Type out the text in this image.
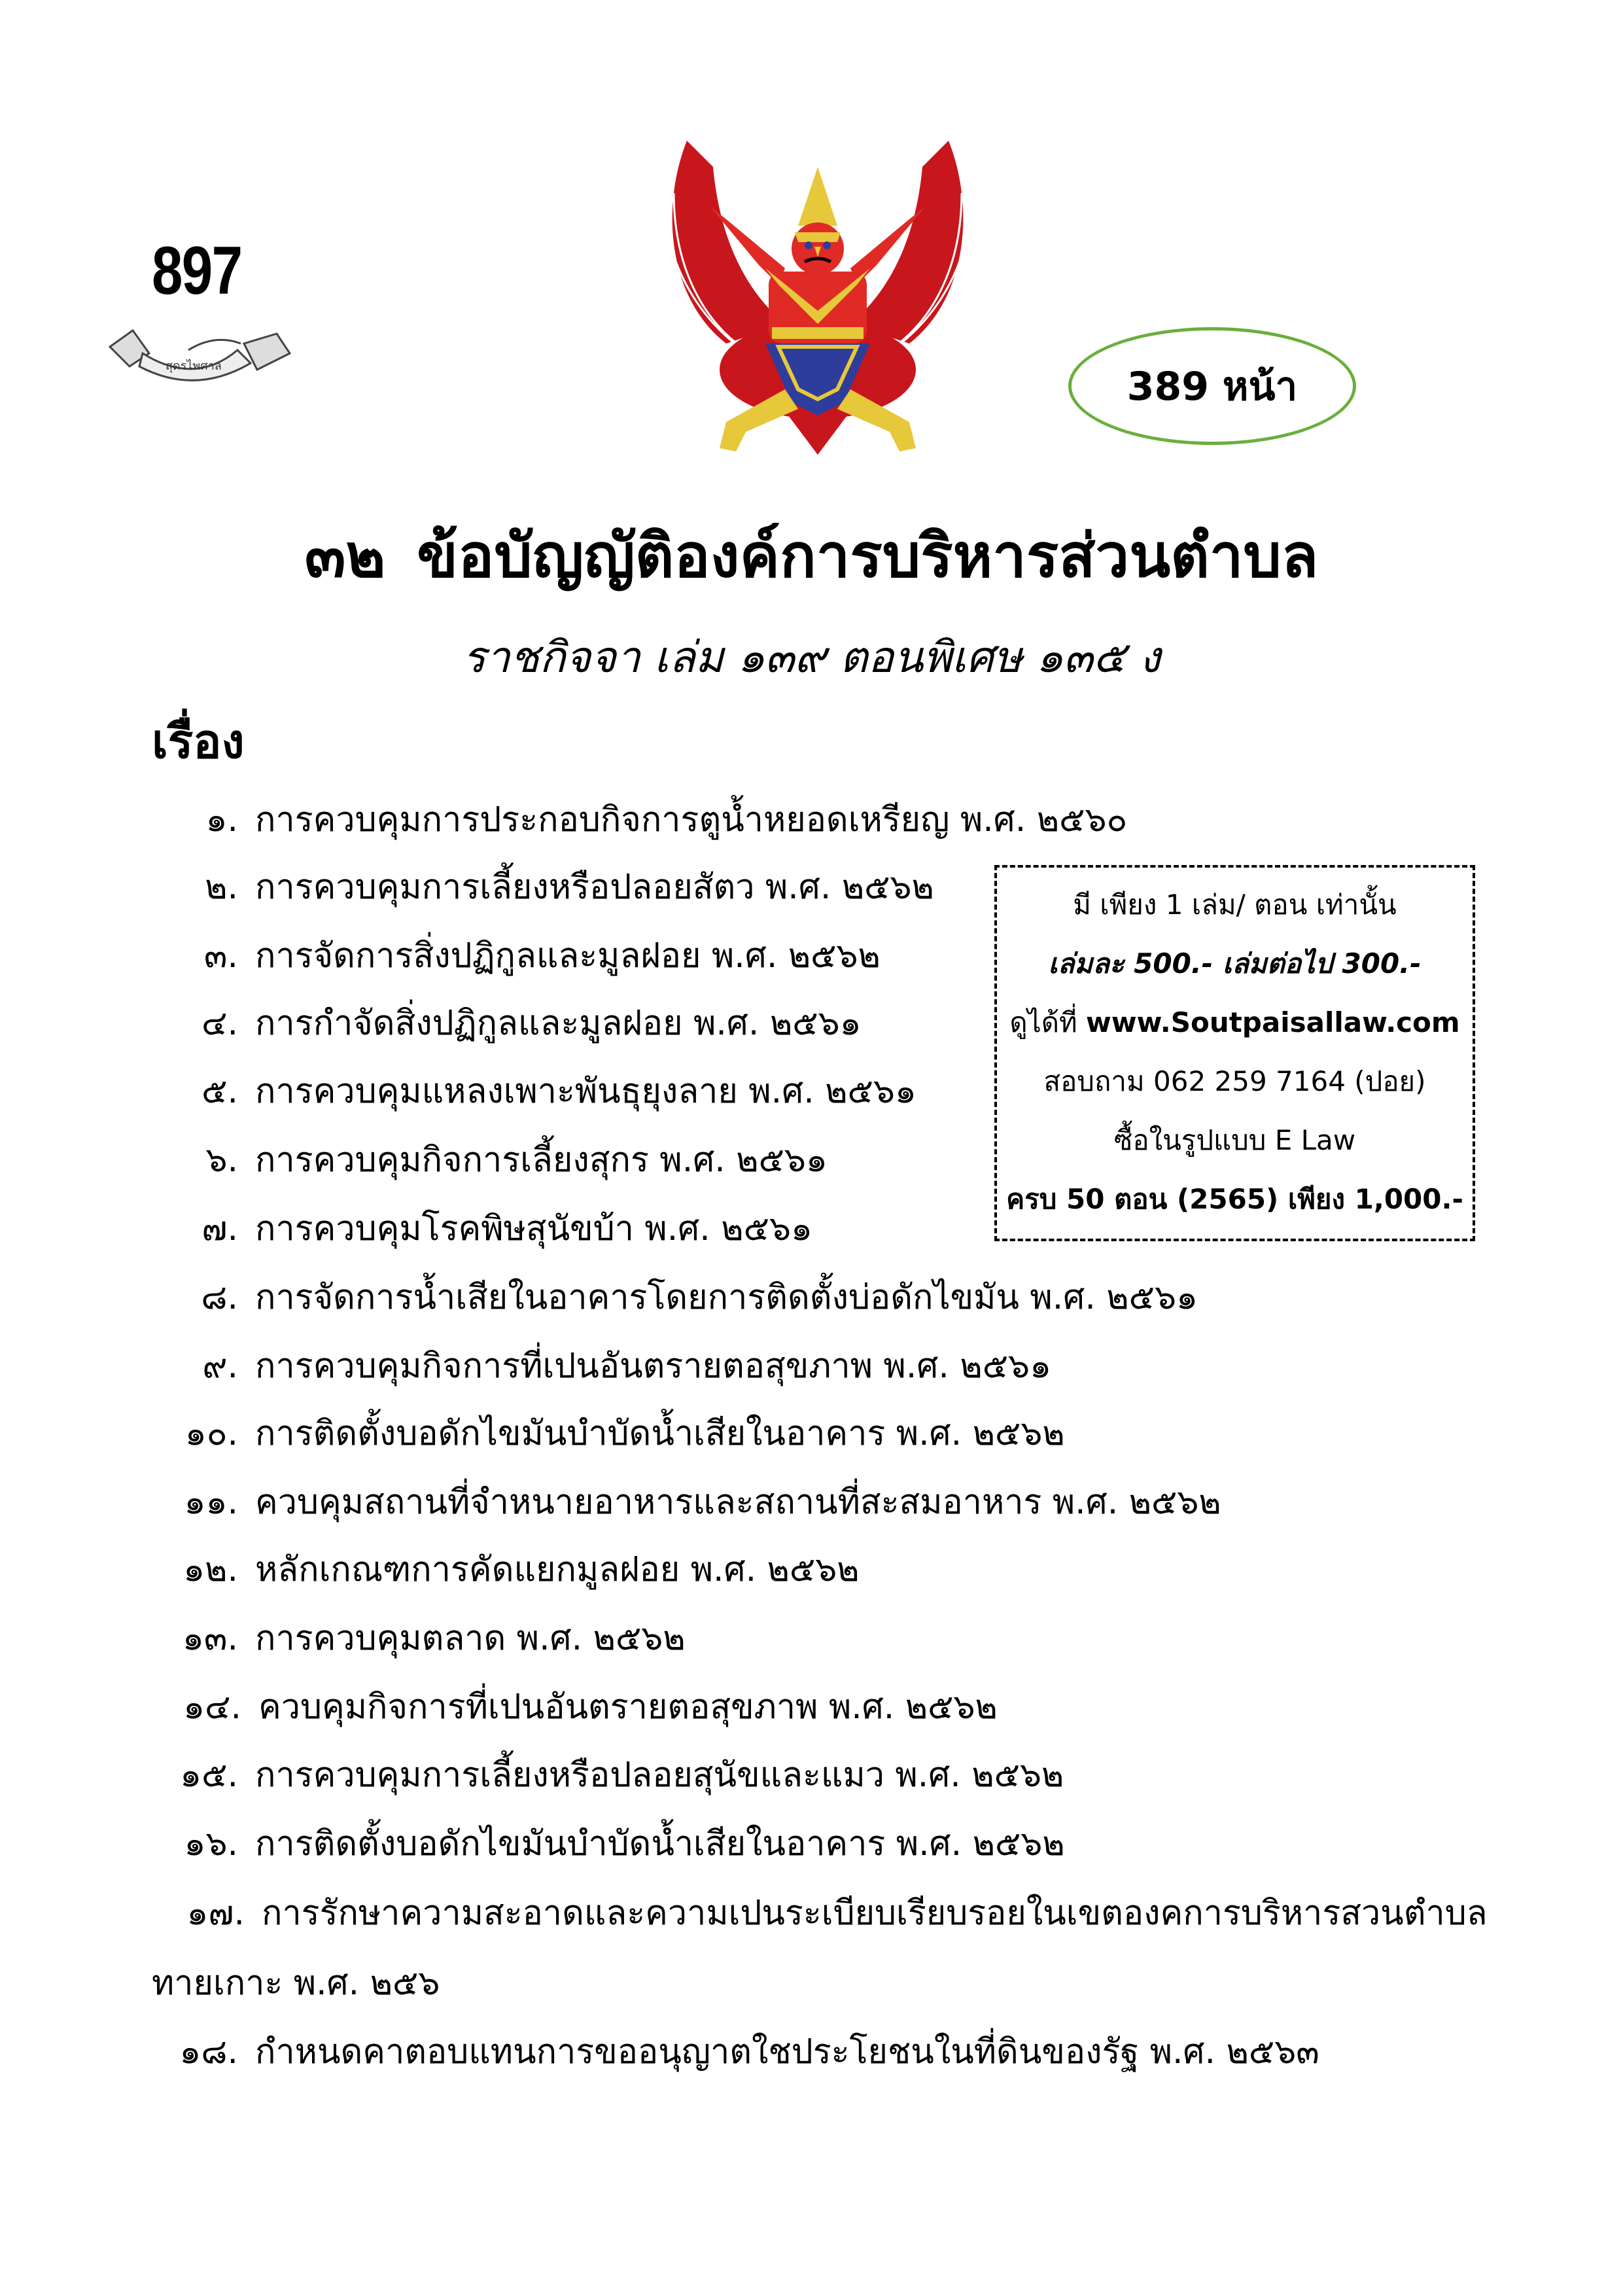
897
สุดรไพศาล	389 หน้า
๓๒ ข้อบัญญัติองค์การบริหารส่วนตำบล
ราชกิจจา เล่ม ๑๓๙ ตอนพิเศษ ๑๓๕ ง
เรื่อง
๑. การควบคุมการประกอบกิจการตูน้ำหยอดเหรียญ พ.ศ. ๒๕๖๐
๒. การควบคุมการเลี้ยงหรือปลอยสัตว พ.ศ. ๒๕๖๒
๓. การจัดการสิ่งปฏิกูลและมูลฝอย พ.ศ. ๒๕๖๒
๔. การกำจัดสิ่งปฏิกูลและมูลฝอย พ.ศ. ๒๕๖๑
๕. การควบคุมแหลงเพาะพันธุยุงลาย พ.ศ. ๒๕๖๑
๖. การควบคุมกิจการเลี้ยงสุกร พ.ศ. ๒๕๖๑
๗. การควบคุมโรคพิษสุนัขบ้า พ.ศ. ๒๕๖๑
๘. การจัดการน้ำเสียในอาคารโดยการติดตั้งบ่อดักไขมัน พ.ศ. ๒๕๖๑
๙. การควบคุมกิจการที่เปนอันตรายตอสุขภาพ พ.ศ. ๒๕๖๑
๑๐. การติดตั้งบอดักไขมันบำบัดน้ำเสียในอาคาร พ.ศ. ๒๕๖๒
๑๑. ควบคุมสถานที่จำหนายอาหารและสถานที่สะสมอาหาร พ.ศ. ๒๕๖๒
๑๒. หลักเกณฑการคัดแยกมูลฝอย พ.ศ. ๒๕๖๒
๑๓. การควบคุมตลาด พ.ศ. ๒๕๖๒
๑๔. ควบคุมกิจการที่เปนอันตรายตอสุขภาพ พ.ศ. ๒๕๖๒
๑๕. การควบคุมการเลี้ยงหรือปลอยสุนัขและแมว พ.ศ. ๒๕๖๒
๑๖. การติดตั้งบอดักไขมันบำบัดน้ำเสียในอาคาร พ.ศ. ๒๕๖๒
๑๗. การรักษาความสะอาดและความเปนระเบียบเรียบรอยในเขตองคการบริหารสวนตำบล
ทายเกาะ พ.ศ. ๒๕๖
๑๘. กำหนดคาตอบแทนการขออนุญาตใชประโยชนในที่ดินของรัฐ พ.ศ. ๒๕๖๓
มี เพียง 1 เล่ม/ ตอน เท่านั้น
เล่มละ 500.- เล่มต่อไป 300.-
ดูได้ที่ www.Soutpaisallaw.com
สอบถาม 062 259 7164 (ปอย)
ซื้อในรูปแบบ E Law
ครบ 50 ตอน (2565) เพียง 1,000.-
